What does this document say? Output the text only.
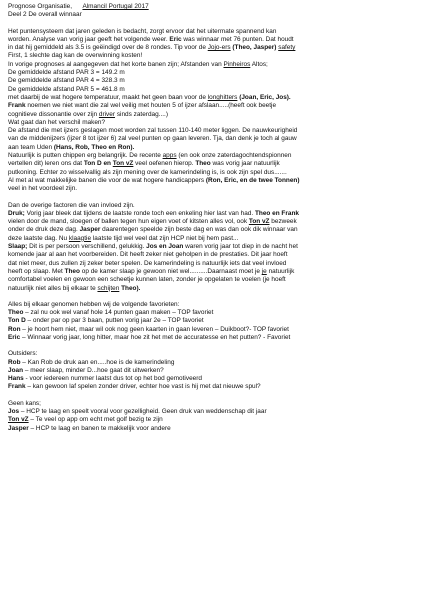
Prognose Organisatie, Almancil Portugal 2017
Deel 2 De overall winnaar
Het puntensysteem dat jaren geleden is bedacht, zorgt ervoor dat het uitermate spannend kan
worden. Analyse van vorig jaar geeft het volgende weer. Eric was winnaar met 76 punten. Dat houdt
in dat hij gemiddeld als 3.5 is geëindigd over de 8 rondes. Tip voor de Jojo-ers (Theo, Jasper) safety
First, 1 slechte dag kan de overwinning kosten!
In vorige prognoses al aangegeven dat het korte banen zijn; Afstanden van Pinheiros Altos;
De gemiddelde afstand PAR 3 = 149.2 m
De gemiddelde afstand PAR 4 = 328.3 m
De gemiddelde afstand PAR 5 = 461.8 m
met daarbij de wat hogere temperatuur, maakt het geen baan voor de longhitters (Joan, Eric, Jos).
Frank noemen we niet want die zal wel veilig met houten 5 of ijzer afslaan.....(heeft ook beetje
cognitieve dissonantie over zijn driver sinds zaterdag....)
Wat gaat dan het verschil maken?
De afstand die met ijzers geslagen moet worden zal tussen 110-140 meter liggen. De nauwkeurigheid
van de middenijzers (ijzer 8 tot ijzer 6) zal veel punten op gaan leveren. Tja, dan denk je toch al gauw
aan team Uden (Hans, Rob, Theo en Ron).
Natuurlijk is putten chippen erg belangrijk. De recente apps (en ook onze zaterdagochtendspionnen
vertellen dit) leren ons dat Ton D en Ton vZ veel oefenen hierop. Theo was vorig jaar natuurlijk
putkoning. Echter zo wisselvallig als zijn mening over de kamerindeling is, is ook zijn spel dus.......
Al met al wat makkelijke banen die voor de wat hogere handicappers (Ron, Eric, en de twee Tonnen)
veel in het voordeel zijn.
Dan de overige factoren die van invloed zijn.
Druk; Vorig jaar bleek dat tijdens de laatste ronde toch een enkeling hier last van had. Theo en Frank
vielen door de mand, sloegen of ballen tegen hun eigen voet of kitsten alles vol, ook Ton vZ bezweek
onder de druk deze dag. Jasper daarentegen speelde zijn beste dag en was dan ook dik winnaar van
deze laatste dag. Nu klaagtie laatste tijd wel veel dat zijn HCP niet bij hem past...
Slaap; Dit is per persoon verschillend, gelukkig. Jos en Joan waren vorig jaar tot diep in de nacht het
komende jaar al aan het voorbereiden. Dit heeft zeker niet geholpen in de prestaties. Dit jaar hoeft
dat niet meer, dus zullen zij zeker beter spelen. De kamerindeling is natuurlijk iets dat veel invloed
heeft op slaap. Met Theo op de kamer slaap je gewoon niet wel..........Daarnaast moet je je natuurlijk
comfortabel voelen en gewoon een scheetje kunnen laten, zonder je opgelaten te voelen (je hoeft
natuurlijk niet alles bij elkaar te schijten Theo).
Alles bij elkaar genomen hebben wij de volgende favorieten:
Theo – zal nu ook wel vanaf hole 14 punten gaan maken – TOP favoriet
Ton D – onder par op par 3 baan, putten vorig jaar 2e – TOP favoriet
Ron – je hoort hem niet, maar wil ook nog geen kaarten in gaan leveren – Duikboot?- TOP favoriet
Eric – Winnaar vorig jaar, long hitter, maar hoe zit het met de accuratesse en het putten? - Favoriet
Outsiders:
Rob – Kan Rob de druk aan en.....hoe is de kamerindeling
Joan – meer slaap, minder D...hoe gaat dit uitwerken?
Hans - voor iedereen nummer laatst dus tot op het bod gemotiveerd
Frank – kan gewoon laf spelen zonder driver, echter hoe vast is hij met dat nieuwe spul?
Geen kans;
Jos – HCP te laag en speelt vooral voor gezelligheid. Geen druk van weddenschap dit jaar
Ton vZ – Te veel op app om echt met golf bezig te zijn
Jasper – HCP te laag en banen te makkelijk voor andere
